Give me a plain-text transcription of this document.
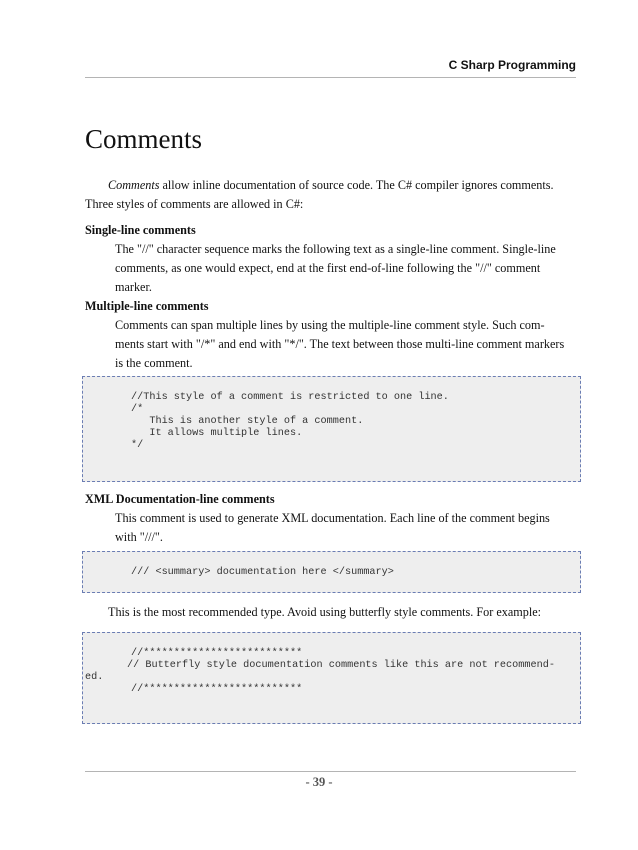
C Sharp Programming
Comments

Comments allow inline documentation of source code. The C# compiler ignores comments.

Three styles of comments are allowed in C#:

Single-line comments

The "//" character sequence marks the following text as a single-line comment. Single-line

comments, as one would expect, end at the first end-of-line following the "//" comment

marker.

Multiple-line comments

Comments can span multiple lines by using the multiple-line comment style. Such com-

ments start with "/*" and end with "*/". The text between those multi-line comment markers

is the comment.

//This style of a comment is restricted to one line.
/*
This is another style of a comment.
It allows multiple lines.
*/

XML Documentation-line comments

This comment is used to generate XML documentation. Each line of the comment begins

with "///".

/// <summary> documentation here </summary>

This is the most recommended type. Avoid using butterfly style comments. For example:

//**************************
// Butterfly style documentation comments like this are not recommend-
ed.
//**************************
- 39 -
